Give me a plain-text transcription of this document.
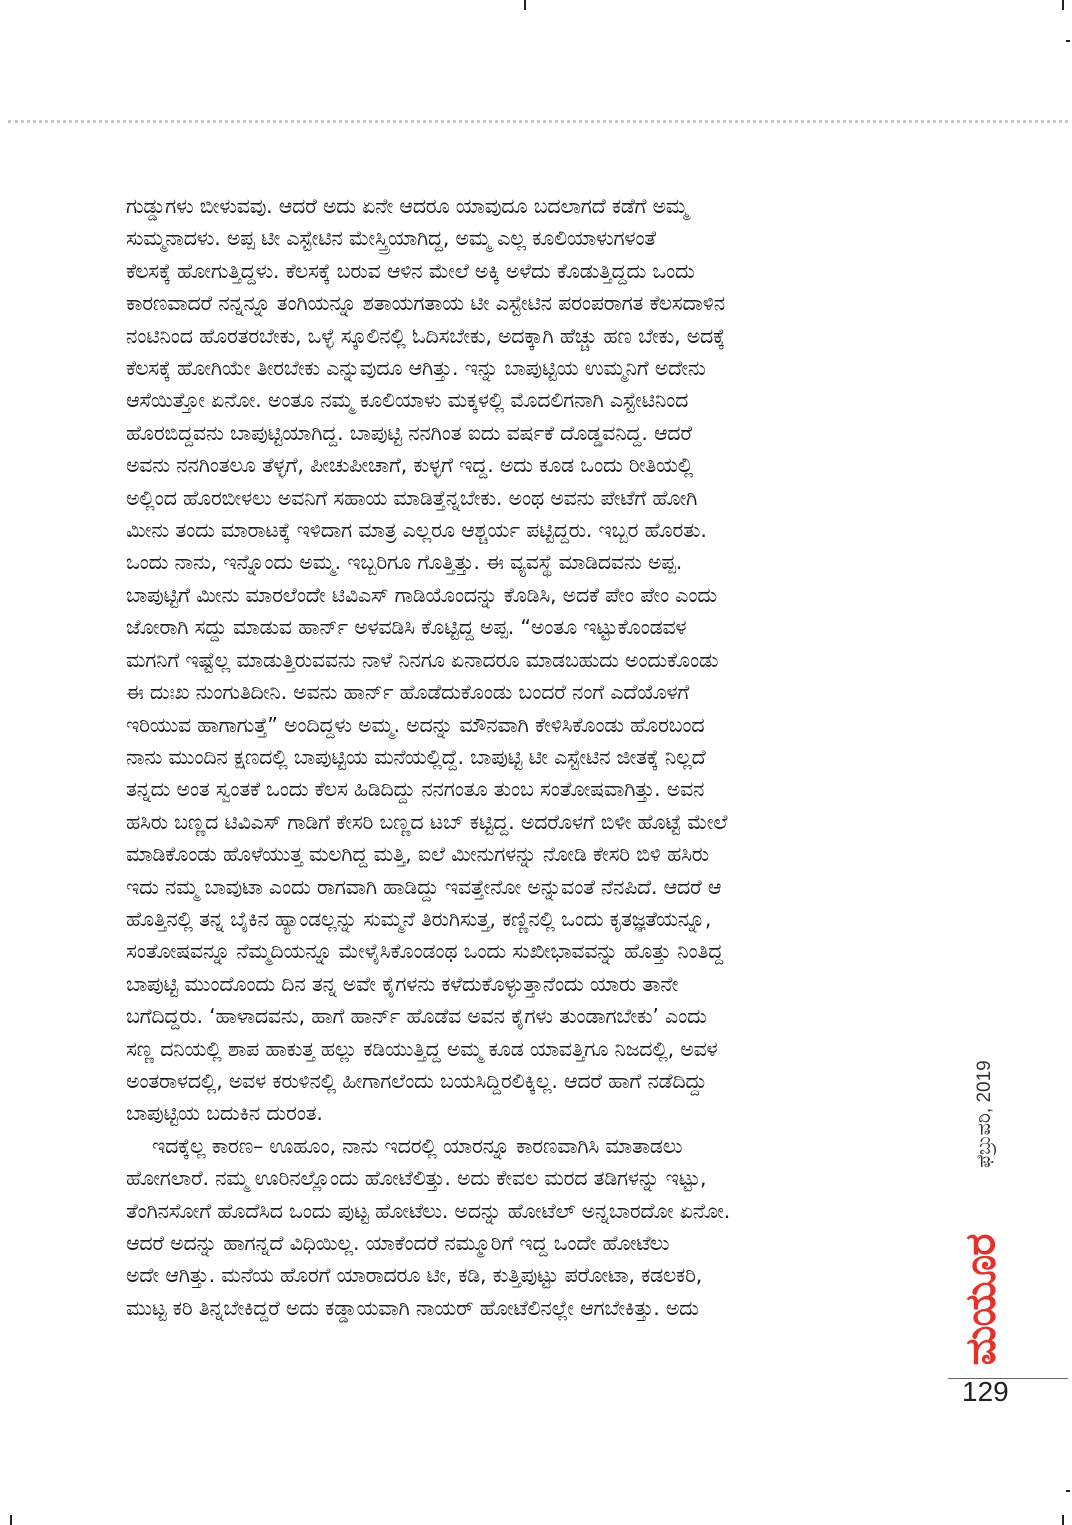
ಗುಡ್ಡುಗಳು ಬೀಳುವವು. ಆದರೆ ಅದು ಏನೇ ಆದರೂ ಯಾವುದೂ ಬದಲಾಗದೆ ಕಡೆಗೆ ಅಮ್ಮ
ಸುಮ್ಮನಾದಳು. ಅಪ್ಪ ಟೀ ಎಸ್ಟೇಟಿನ ಮೇಸ್ತ್ರಿಯಾಗಿದ್ದ, ಅಮ್ಮ ಎಲ್ಲ ಕೂಲಿಯಾಳುಗಳಂತೆ
ಕೆಲಸಕ್ಕೆ ಹೋಗುತ್ತಿದ್ದಳು. ಕೆಲಸಕ್ಕೆ ಬರುವ ಆಳಿನ ಮೇಲೆ ಅಕ್ಕಿ ಅಳೆದು ಕೊಡುತ್ತಿದ್ದದು ಒಂದು
ಕಾರಣವಾದರೆ ನನ್ನನ್ನೂ ತಂಗಿಯನ್ನೂ ಶತಾಯಗತಾಯ ಟೀ ಎಸ್ಟೇಟಿನ ಪರಂಪರಾಗತ ಕೆಲಸದಾಳಿನ
ನಂಟಿನಿಂದ ಹೊರತರಬೇಕು, ಒಳ್ಳೆ ಸ್ಕೂಲಿನಲ್ಲಿ ಓದಿಸಬೇಕು, ಅದಕ್ಕಾಗಿ ಹೆಚ್ಚು ಹಣ ಬೇಕು, ಅದಕ್ಕೆ
ಕೆಲಸಕ್ಕೆ ಹೋಗಿಯೇ ತೀರಬೇಕು ಎನ್ನುವುದೂ ಆಗಿತ್ತು. ಇನ್ನು ಬಾಪುಟ್ಟಿಯ ಉಮ್ಮನಿಗೆ ಅದೇನು
ಆಸೆಯಿತ್ತೋ ಏನೋ. ಅಂತೂ ನಮ್ಮ ಕೂಲಿಯಾಳು ಮಕ್ಕಳಲ್ಲಿ ಮೊದಲಿಗನಾಗಿ ಎಸ್ಟೇಟಿನಿಂದ
ಹೊರಬಿದ್ದವನು ಬಾಪುಟ್ಟಿಯಾಗಿದ್ದ. ಬಾಪುಟ್ಟಿ ನನಗಿಂತ ಐದು ವರ್ಷಕೆ ದೊಡ್ಡವನಿದ್ದ. ಆದರೆ
ಅವನು ನನಗಿಂತಲೂ ತೆಳ್ಳಗೆ, ಪೀಚುಪೀಚಾಗೆ, ಕುಳ್ಳಗೆ ಇದ್ದ. ಅದು ಕೂಡ ಒಂದು ರೀತಿಯಲ್ಲಿ
ಅಲ್ಲಿಂದ ಹೊರಬೀಳಲು ಅವನಿಗೆ ಸಹಾಯ ಮಾಡಿತ್ತೆನ್ನಬೇಕು. ಅಂಥ ಅವನು ಪೇಟೆಗೆ ಹೋಗಿ
ಮೀನು ತಂದು ಮಾರಾಟಕ್ಕೆ ಇಳಿದಾಗ ಮಾತ್ರ ಎಲ್ಲರೂ ಆಶ್ಚರ್ಯ ಪಟ್ಟಿದ್ದರು. ಇಬ್ಬರ ಹೊರತು.
ಒಂದು ನಾನು, ಇನ್ನೊಂದು ಅಮ್ಮ. ಇಬ್ಬರಿಗೂ ಗೊತ್ತಿತ್ತು. ಈ ವ್ಯವಸ್ಥೆ ಮಾಡಿದವನು ಅಪ್ಪ.
ಬಾಪುಟ್ಟಿಗೆ ಮೀನು ಮಾರಲೆಂದೇ ಟಿವಿಎಸ್ ಗಾಡಿಯೊಂದನ್ನು ಕೊಡಿಸಿ, ಅದಕೆ ಪೇಂ ಪೇಂ ಎಂದು
ಜೋರಾಗಿ ಸದ್ದು ಮಾಡುವ ಹಾರ್ನ್ ಅಳವಡಿಸಿ ಕೊಟ್ಟಿದ್ದ ಅಪ್ಪ. “ಅಂತೂ ಇಟ್ಟುಕೊಂಡವಳ
ಮಗನಿಗೆ ಇಷ್ಟೆಲ್ಲ ಮಾಡುತ್ತಿರುವವನು ನಾಳೆ ನಿನಗೂ ಏನಾದರೂ ಮಾಡಬಹುದು ಅಂದುಕೊಂಡು
ಈ ದುಃಖ ನುಂಗುತಿದೀನಿ. ಅವನು ಹಾರ್ನ್ ಹೊಡೆದುಕೊಂಡು ಬಂದರೆ ನಂಗೆ ಎದೆಯೊಳಗೆ
ಇರಿಯುವ ಹಾಗಾಗುತ್ತೆ” ಅಂದಿದ್ದಳು ಅಮ್ಮ. ಅದನ್ನು ಮೌನವಾಗಿ ಕೇಳಿಸಿಕೊಂಡು ಹೊರಬಂದ
ನಾನು ಮುಂದಿನ ಕ್ಷಣದಲ್ಲಿ ಬಾಪುಟ್ಟಿಯ ಮನೆಯಲ್ಲಿದ್ದೆ. ಬಾಪುಟ್ಟಿ ಟೀ ಎಸ್ಟೇಟಿನ ಜೀತಕ್ಕೆ ನಿಲ್ಲದೆ
ತನ್ನದು ಅಂತ ಸ್ವಂತಕೆ ಒಂದು ಕೆಲಸ ಹಿಡಿದಿದ್ದು ನನಗಂತೂ ತುಂಬ ಸಂತೋಷವಾಗಿತ್ತು. ಅವನ
ಹಸಿರು ಬಣ್ಣದ ಟಿವಿಎಸ್ ಗಾಡಿಗೆ ಕೇಸರಿ ಬಣ್ಣದ ಟಬ್ ಕಟ್ಟಿದ್ದ. ಅದರೊಳಗೆ ಬಿಳೀ ಹೊಟ್ಟೆ ಮೇಲೆ
ಮಾಡಿಕೊಂಡು ಹೊಳೆಯುತ್ತ ಮಲಗಿದ್ದ ಮತ್ತಿ, ಐಲೆ ಮೀನುಗಳನ್ನು ನೋಡಿ ಕೇಸರಿ ಬಿಳಿ ಹಸಿರು
ಇದು ನಮ್ಮ ಬಾವುಟಾ ಎಂದು ರಾಗವಾಗಿ ಹಾಡಿದ್ದು ಇವತ್ತೇನೋ ಅನ್ನುವಂತೆ ನೆನಪಿದೆ. ಆದರೆ ಆ
ಹೊತ್ತಿನಲ್ಲಿ ತನ್ನ ಬೈಕಿನ ಹ್ಯಾಂಡಲ್ಲನ್ನು ಸುಮ್ಮನೆ ತಿರುಗಿಸುತ್ತ, ಕಣ್ಣಿನಲ್ಲಿ ಒಂದು ಕೃತಜ್ಞತೆಯನ್ನೂ,
ಸಂತೋಷವನ್ನೂ ನೆಮ್ಮದಿಯನ್ನೂ ಮೇಳೈಸಿಕೊಂಡಂಥ ಒಂದು ಸುಖೀಭಾವವನ್ನು ಹೊತ್ತು ನಿಂತಿದ್ದ
ಬಾಪುಟ್ಟಿ ಮುಂದೊಂದು ದಿನ ತನ್ನ ಅವೇ ಕೈಗಳನು ಕಳೆದುಕೊಳ್ಳುತ್ತಾನೆಂದು ಯಾರು ತಾನೇ
ಬಗೆದಿದ್ದರು. ‘ಹಾಳಾದವನು, ಹಾಗೆ ಹಾರ್ನ್ ಹೊಡೆವ ಅವನ ಕೈಗಳು ತುಂಡಾಗಬೇಕು’ ಎಂದು
ಸಣ್ಣ ದನಿಯಲ್ಲಿ ಶಾಪ ಹಾಕುತ್ತ ಹಲ್ಲು ಕಡಿಯುತ್ತಿದ್ದ ಅಮ್ಮ ಕೂಡ ಯಾವತ್ತಿಗೂ ನಿಜದಲ್ಲಿ, ಅವಳ
ಅಂತರಾಳದಲ್ಲಿ, ಅವಳ ಕರುಳಿನಲ್ಲಿ ಹೀಗಾಗಲೆಂದು ಬಯಸಿದ್ದಿರಲಿಕ್ಕಿಲ್ಲ. ಆದರೆ ಹಾಗೆ ನಡೆದಿದ್ದು
ಬಾಪುಟ್ಟಿಯ ಬದುಕಿನ ದುರಂತ.
ಇದಕ್ಕೆಲ್ಲ ಕಾರಣ– ಊಹೂಂ, ನಾನು ಇದರಲ್ಲಿ ಯಾರನ್ನೂ ಕಾರಣವಾಗಿಸಿ ಮಾತಾಡಲು
ಹೋಗಲಾರೆ. ನಮ್ಮ ಊರಿನಲ್ಲೊಂದು ಹೋಟೆಲಿತ್ತು. ಅದು ಕೇವಲ ಮರದ ತಡಿಗಳನ್ನು ಇಟ್ಟು,
ತೆಂಗಿನಸೋಗೆ ಹೊದೆಸಿದ ಒಂದು ಪುಟ್ಟ ಹೋಟೆಲು. ಅದನ್ನು ಹೋಟೆಲ್ ಅನ್ನಬಾರದೋ ಏನೋ.
ಆದರೆ ಅದನ್ನು ಹಾಗನ್ನದೆ ವಿಧಿಯಿಲ್ಲ. ಯಾಕೆಂದರೆ ನಮ್ಮೂರಿಗೆ ಇದ್ದ ಒಂದೇ ಹೋಟೆಲು
ಅದೇ ಆಗಿತ್ತು. ಮನೆಯ ಹೊರಗೆ ಯಾರಾದರೂ ಟೀ, ಕಡಿ, ಕುತ್ತಿಪುಟ್ಟು ಪರೋಟಾ, ಕಡಲಕರಿ,
ಮುಟ್ಟ ಕರಿ ತಿನ್ನಬೇಕಿದ್ದರೆ ಅದು ಕಡ್ಡಾಯವಾಗಿ ನಾಯರ್ ಹೋಟೆಲಿನಲ್ಲೇ ಆಗಬೇಕಿತ್ತು. ಅದು
ಫೆಬ್ರುವರಿ, 2019
ಮಯೂರ
129
